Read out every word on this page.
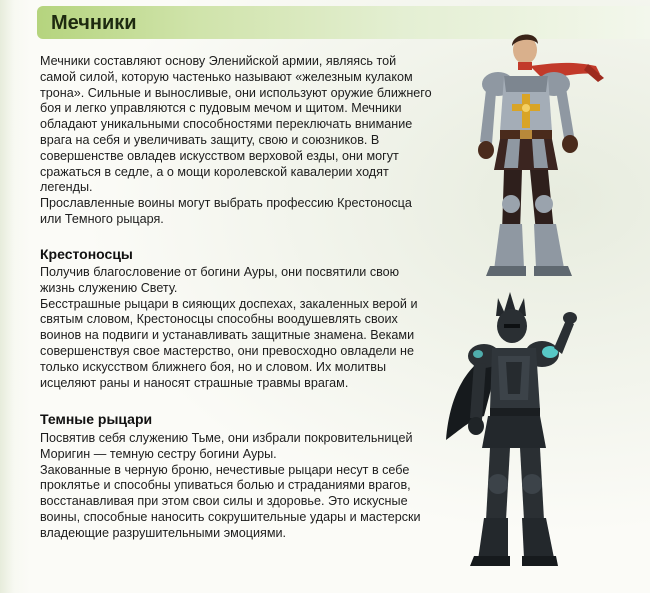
Мечники

Мечники составляют основу Эленийской армии, являясь той самой силой, которую частенько называют «железным кулаком трона». Сильные и выносливые, они используют оружие ближнего боя и легко управляются с пудовым мечом и щитом. Мечники обладают уникальными способностями переключать внимание врага на себя и увеличивать защиту, свою и союзников. В совершенстве овладев искусством верховой езды, они могут сражаться в седле, а о мощи королевской кавалерии ходят легенды.

Прославленные воины могут выбрать профессию Крестоносца или Темного рыцаря.

Крестоносцы

Получив благословение от богини Ауры, они посвятили свою жизнь служению Свету.

Бесстрашные рыцари в сияющих доспехах, закаленных верой и святым словом, Крестоносцы способны воодушевлять своих воинов на подвиги и устанавливать защитные знамена. Веками совершенствуя свое мастерство, они превосходно овладели не только искусством ближнего боя, но и словом. Их молитвы исцеляют раны и наносят страшные травмы врагам.

Темные рыцари

Посвятив себя служению Тьме, они избрали покровительницей Моригин — темную сестру богини Ауры.

Закованные в черную броню, нечестивые рыцари несут в себе проклятье и способны упиваться болью и страданиями врагов, восстанавливая при этом свои силы и здоровье. Это искусные воины, способные наносить сокрушительные удары и мастерски владеющие разрушительными эмоциями.
